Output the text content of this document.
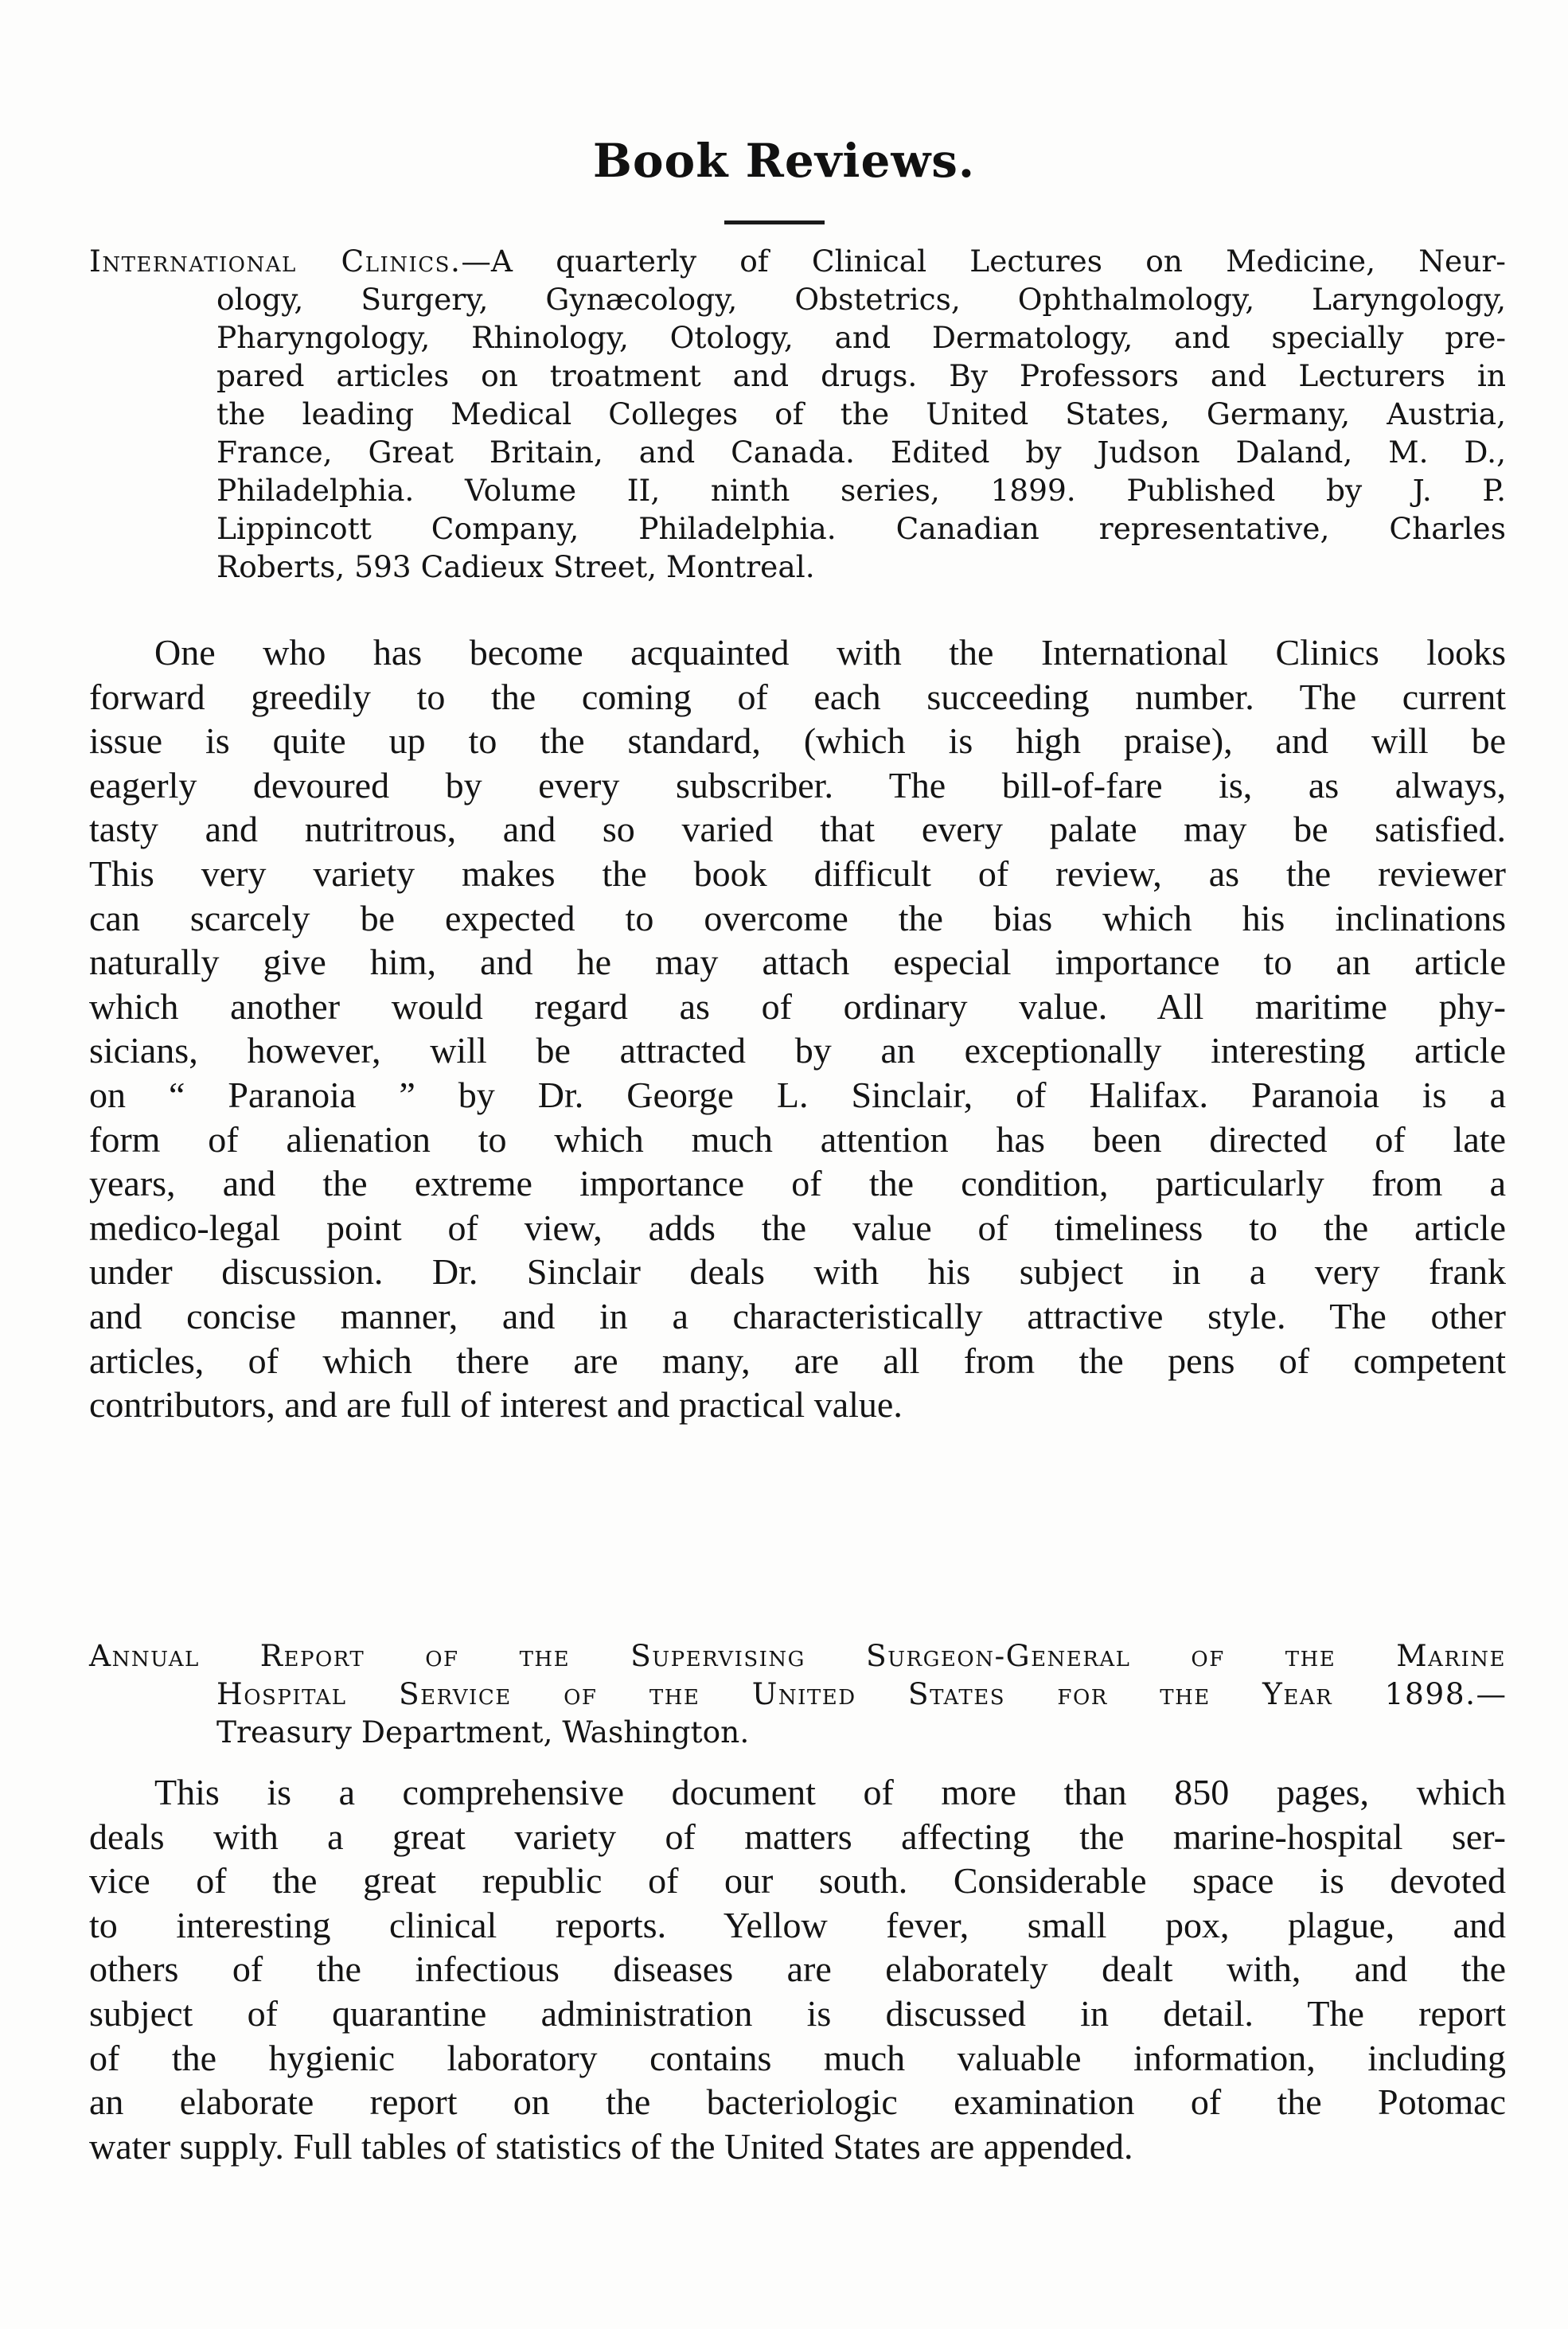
Book Reviews.
International Clinics.—A quarterly of Clinical Lectures on Medicine, Neur-
ology, Surgery, Gynæcology, Obstetrics, Ophthalmology, Laryngology,
Pharyngology, Rhinology, Otology, and Dermatology, and specially pre-
pared articles on troatment and drugs. By Professors and Lecturers in
the leading Medical Colleges of the United States, Germany, Austria,
France, Great Britain, and Canada. Edited by Judson Daland, M. D.,
Philadelphia. Volume II, ninth series, 1899. Published by J. P.
Lippincott Company, Philadelphia. Canadian representative, Charles
Roberts, 593 Cadieux Street, Montreal.
One who has become acquainted with the International Clinics looks
forward greedily to the coming of each succeeding number. The current
issue is quite up to the standard, (which is high praise), and will be
eagerly devoured by every subscriber. The bill-of-fare is, as always,
tasty and nutritrous, and so varied that every palate may be satisfied.
This very variety makes the book difficult of review, as the reviewer
can scarcely be expected to overcome the bias which his inclinations
naturally give him, and he may attach especial importance to an article
which another would regard as of ordinary value. All maritime phy-
sicians, however, will be attracted by an exceptionally interesting article
on “ Paranoia ” by Dr. George L. Sinclair, of Halifax. Paranoia is a
form of alienation to which much attention has been directed of late
years, and the extreme importance of the condition, particularly from a
medico-legal point of view, adds the value of timeliness to the article
under discussion. Dr. Sinclair deals with his subject in a very frank
and concise manner, and in a characteristically attractive style. The other
articles, of which there are many, are all from the pens of competent
contributors, and are full of interest and practical value.
Annual Report of the Supervising Surgeon-General of the Marine
Hospital Service of the United States for the Year 1898.—
Treasury Department, Washington.
This is a comprehensive document of more than 850 pages, which
deals with a great variety of matters affecting the marine-hospital ser-
vice of the great republic of our south. Considerable space is devoted
to interesting clinical reports. Yellow fever, small pox, plague, and
others of the infectious diseases are elaborately dealt with, and the
subject of quarantine administration is discussed in detail. The report
of the hygienic laboratory contains much valuable information, including
an elaborate report on the bacteriologic examination of the Potomac
water supply. Full tables of statistics of the United States are appended.
